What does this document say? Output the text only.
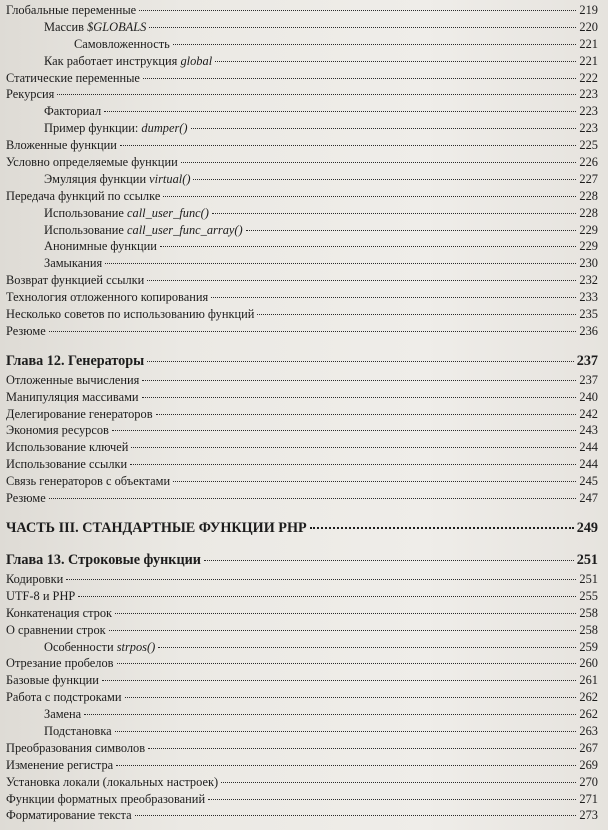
Глобальные переменные	219
Массив $GLOBALS	220
Самовложенность	221
Как работает инструкция global	221
Статические переменные	222
Рекурсия	223
Факториал	223
Пример функции: dumper()	223
Вложенные функции	225
Условно определяемые функции	226
Эмуляция функции virtual()	227
Передача функций по ссылке	228
Использование call_user_func()	228
Использование call_user_func_array()	229
Анонимные функции	229
Замыкания	230
Возврат функцией ссылки	232
Технология отложенного копирования	233
Несколько советов по использованию функций	235
Резюме	236
Глава 12. Генераторы	237
Отложенные вычисления	237
Манипуляция массивами	240
Делегирование генераторов	242
Экономия ресурсов	243
Использование ключей	244
Использование ссылки	244
Связь генераторов с объектами	245
Резюме	247
ЧАСТЬ III. СТАНДАРТНЫЕ ФУНКЦИИ PHP	249
Глава 13. Строковые функции	251
Кодировки	251
UTF-8 и PHP	255
Конкатенация строк	258
О сравнении строк	258
Особенности strpos()	259
Отрезание пробелов	260
Базовые функции	261
Работа с подстроками	262
Замена	262
Подстановка	263
Преобразования символов	267
Изменение регистра	269
Установка локали (локальных настроек)	270
Функции форматных преобразований	271
Форматирование текста	273
